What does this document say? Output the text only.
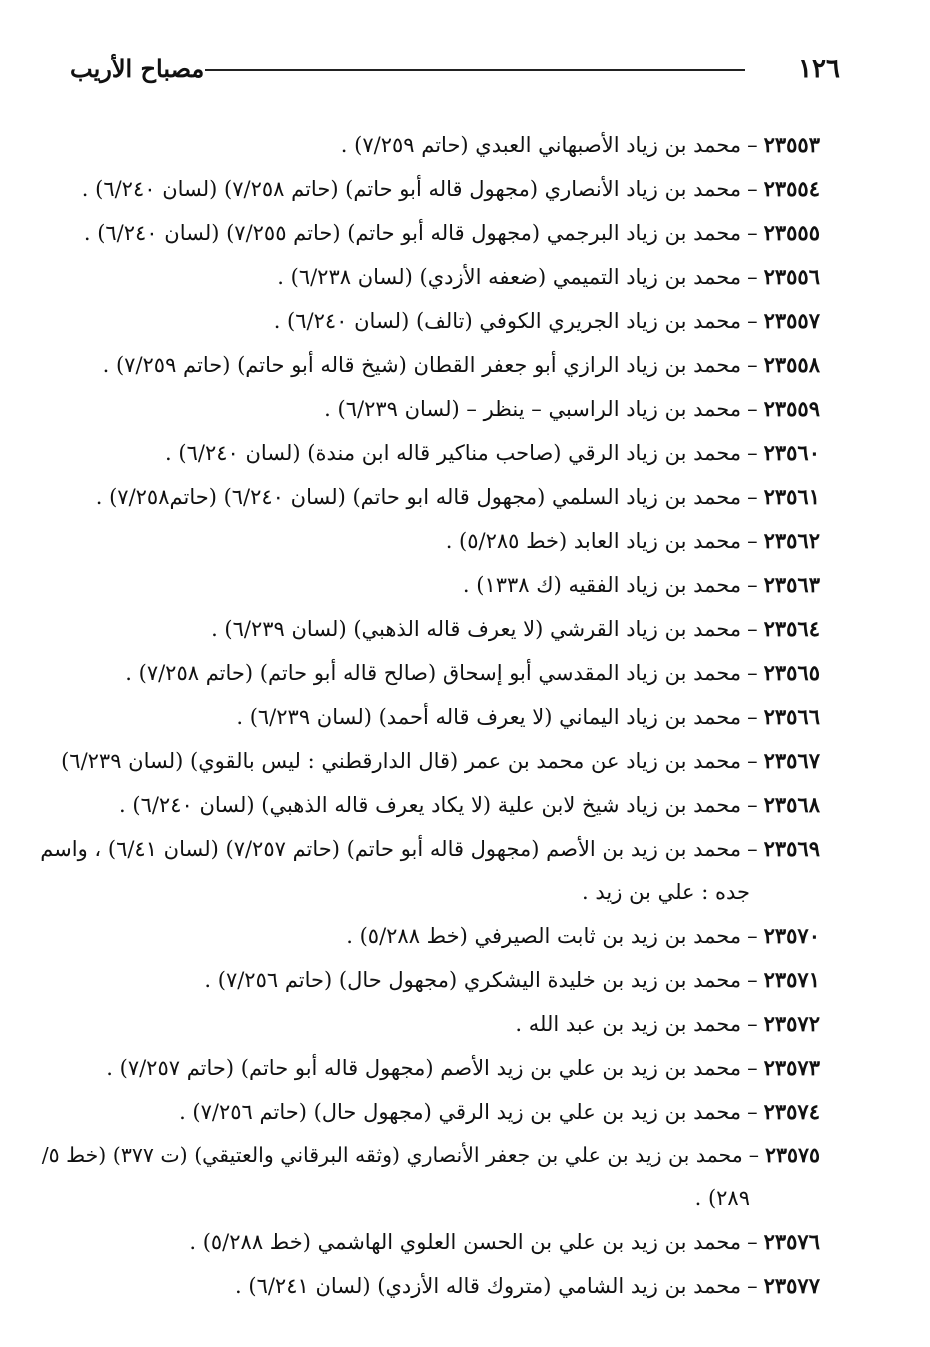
١٢٦
مصباح الأريب
٢٣٥٥٣–محمد بن زياد الأصبهاني العبدي (حاتم ٧/٢٥٩) .
٢٣٥٥٤–محمد بن زياد الأنصاري (مجهول قاله أبو حاتم) (حاتم ٧/٢٥٨) (لسان ٦/٢٤٠) .
٢٣٥٥٥–محمد بن زياد البرجمي (مجهول قاله أبو حاتم) (حاتم ٧/٢٥٥) (لسان ٦/٢٤٠) .
٢٣٥٥٦–محمد بن زياد التميمي (ضعفه الأزدي) (لسان ٦/٢٣٨) .
٢٣٥٥٧–محمد بن زياد الجريري الكوفي (تالف) (لسان ٦/٢٤٠) .
٢٣٥٥٨–محمد بن زياد الرازي أبو جعفر القطان (شيخ قاله أبو حاتم) (حاتم ٧/٢٥٩) .
٢٣٥٥٩–محمد بن زياد الراسبي – ينظر – (لسان ٦/٢٣٩) .
٢٣٥٦٠–محمد بن زياد الرقي (صاحب مناكير قاله ابن مندة) (لسان ٦/٢٤٠) .
٢٣٥٦١–محمد بن زياد السلمي (مجهول قاله ابو حاتم) (لسان ٦/٢٤٠) (حاتم٧/٢٥٨) .
٢٣٥٦٢–محمد بن زياد العابد (خط ٥/٢٨٥) .
٢٣٥٦٣–محمد بن زياد الفقيه (ك ١٣٣٨) .
٢٣٥٦٤–محمد بن زياد القرشي (لا يعرف قاله الذهبي) (لسان ٦/٢٣٩) .
٢٣٥٦٥–محمد بن زياد المقدسي أبو إسحاق (صالح قاله أبو حاتم) (حاتم ٧/٢٥٨) .
٢٣٥٦٦–محمد بن زياد اليماني (لا يعرف قاله أحمد) (لسان ٦/٢٣٩) .
٢٣٥٦٧–محمد بن زياد عن محمد بن عمر (قال الدارقطني : ليس بالقوي) (لسان ٦/٢٣٩)
٢٣٥٦٨–محمد بن زياد شيخ لابن علية (لا يكاد يعرف قاله الذهبي) (لسان ٦/٢٤٠) .
٢٣٥٦٩–محمد بن زيد بن الأصم (مجهول قاله أبو حاتم) (حاتم ٧/٢٥٧) (لسان ٦/٤١) ، واسم
جده : علي بن زيد .
٢٣٥٧٠–محمد بن زيد بن ثابت الصيرفي (خط ٥/٢٨٨) .
٢٣٥٧١–محمد بن زيد بن خليدة اليشكري (مجهول حال) (حاتم ٧/٢٥٦) .
٢٣٥٧٢–محمد بن زيد بن عبد الله .
٢٣٥٧٣–محمد بن زيد بن علي بن زيد الأصم (مجهول قاله أبو حاتم) (حاتم ٧/٢٥٧) .
٢٣٥٧٤–محمد بن زيد بن علي بن زيد الرقي (مجهول حال) (حاتم ٧/٢٥٦) .
٢٣٥٧٥–محمد بن زيد بن علي بن جعفر الأنصاري (وثقه البرقاني والعتيقي) (ت ٣٧٧) (خط ٥/
٢٨٩) .
٢٣٥٧٦–محمد بن زيد بن علي بن الحسن العلوي الهاشمي (خط ٥/٢٨٨) .
٢٣٥٧٧–محمد بن زيد الشامي (متروك قاله الأزدي) (لسان ٦/٢٤١) .
